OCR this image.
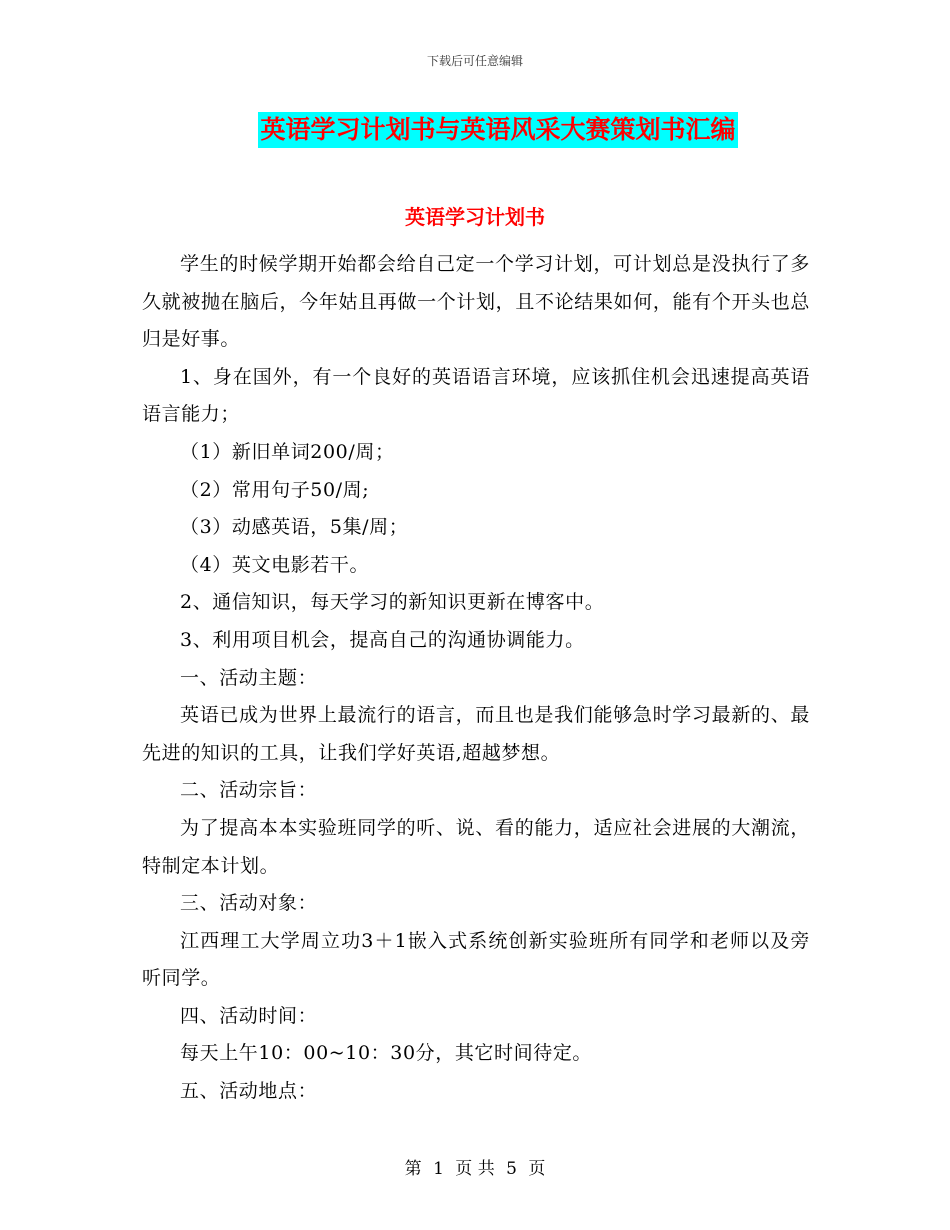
下载后可任意编辑
英语学习计划书与英语风采大赛策划书汇编
英语学习计划书

学生的时候学期开始都会给自己定一个学习计划，可计划总是没执行了多久就被抛在脑后，今年姑且再做一个计划，且不论结果如何，能有个开头也总归是好事。

1、身在国外，有一个良好的英语语言环境，应该抓住机会迅速提高英语语言能力；

（1）新旧单词200/周；

（2）常用句子50/周;

（3）动感英语，5集/周；

（4）英文电影若干。

2、通信知识，每天学习的新知识更新在博客中。

3、利用项目机会，提高自己的沟通协调能力。

一、活动主题：

英语已成为世界上最流行的语言，而且也是我们能够急时学习最新的、最先进的知识的工具，让我们学好英语,超越梦想。

二、活动宗旨：

为了提高本本实验班同学的听、说、看的能力，适应社会进展的大潮流，特制定本计划。

三、活动对象：

江西理工大学周立功3＋1嵌入式系统创新实验班所有同学和老师以及旁听同学。

四、活动时间：

每天上午10：00~10：30分，其它时间待定。

五、活动地点：

第 1 页 共 5 页
